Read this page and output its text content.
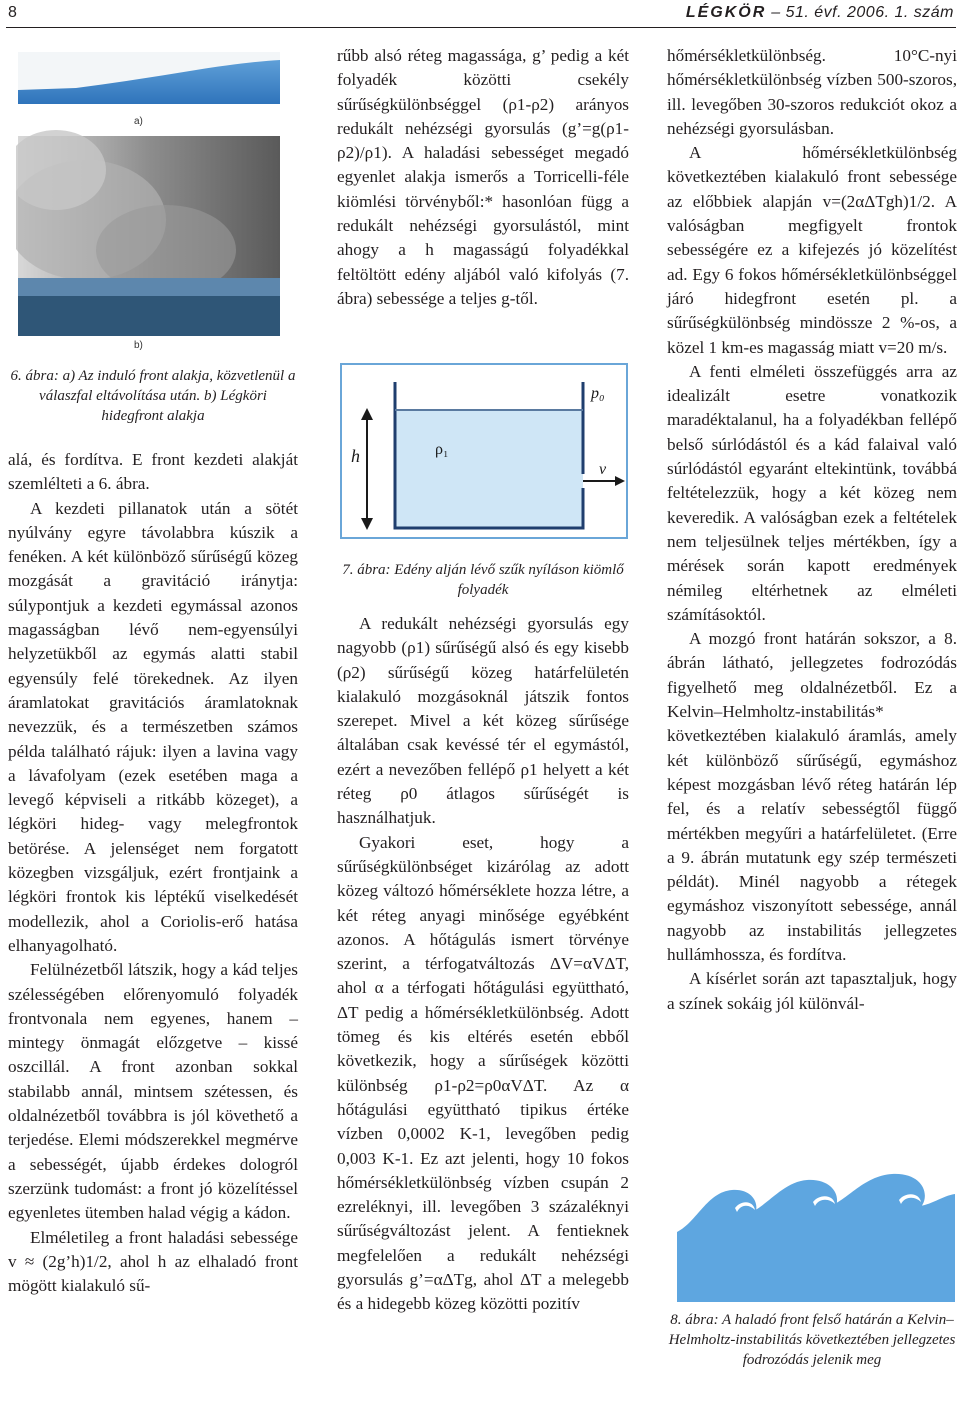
8	LÉGKÖR – 51. évf. 2006. 1. szám
a)
b)
6. ábra: a) Az induló front alakja, közvetlenül a válaszfal eltávolítása után. b) Légköri hidegfront alakja

alá, és fordítva. E front kezdeti alakját szemlélteti a 6. ábra.

A kezdeti pillanatok után a sötét nyúlvány egyre távolabbra kúszik a fenéken. A két különböző sűrűségű közeg mozgását a gravitáció iránytja: súlypontjuk a kezdeti egymással azonos magasságban lévő nem-egyensúlyi helyzetükből az egymás alatti stabil egyensúly felé törekednek. Az ilyen áramlatokat gravitációs áramlatoknak nevezzük, és a természetben számos példa található rájuk: ilyen a lavina vagy a lávafolyam (ezek esetében maga a levegő képviseli a ritkább közeget), a légköri hideg- vagy melegfrontok betörése. A jelenséget nem forgatott közegben vizsgáljuk, ezért frontjaink a légköri frontok kis léptékű viselkedését modellezik, ahol a Coriolis-erő hatása elhanyagolható.

Felülnézetből látszik, hogy a kád teljes szélességében előrenyomuló folyadék frontvonala nem egyenes, hanem – mintegy önmagát előzgetve – kissé oszcillál. A front azonban sokkal stabilabb annál, mintsem szétessen, és oldalnézetből továbbra is jól követhető a terjedése. Elemi módszerekkel megmérve a sebességét, újabb érdekes dologról szerzünk tudomást: a front jó közelítéssel egyenletes ütemben halad végig a kádon.

Elméletileg a front haladási sebessége v ≈ (2g’h)1/2, ahol h az elhaladó front mögött kialakuló sű-

rűbb alsó réteg magassága, g’ pedig a két folyadék közötti csekély sűrűségkülönbséggel (ρ1-ρ2) arányos redukált nehézségi gyorsulás (g’=g(ρ1-ρ2)/ρ1). A haladási sebességet megadó egyenlet alakja ismerős a Torricelli-féle kiömlési törvényből:* hasonlóan függ a redukált nehézségi gyorsulástól, mint ahogy a h magasságú folyadékkal feltöltött edény aljából való kifolyás (7. ábra) sebessége a teljes g-től.

h	ρ₁
p₀
v
7. ábra: Edény alján lévő szűk nyíláson kiömlő folyadék

A redukált nehézségi gyorsulás egy nagyobb (ρ1) sűrűségű alsó és egy kisebb (ρ2) sűrűségű közeg határfelületén kialakuló mozgásoknál játszik fontos szerepet. Mivel a két közeg sűrűsége általában csak kevéssé tér el egymástól, ezért a nevezőben fellépő ρ1 helyett a két réteg ρ0 átlagos sűrűségét is használhatjuk.

Gyakori eset, hogy a sűrűségkülönbséget kizárólag az adott közeg változó hőmérséklete hozza létre, a két réteg anyagi minősége egyébként azonos. A hőtágulás ismert törvénye szerint, a térfogatváltozás ΔV=αVΔT, ahol α a térfogati hőtágulási együttható, ΔT pedig a hőmérsékletkülönbség. Adott tömeg és kis eltérés esetén ebből következik, hogy a sűrűségek közötti különbség ρ1-ρ2=ρ0αVΔT. Az α hőtágulási együttható tipikus értéke vízben 0,0002 K-1, levegőben pedig 0,003 K-1. Ez azt jelenti, hogy 10 fokos hőmérsékletkülönbség vízben csupán 2 ezreléknyi, ill. levegőben 3 százaléknyi sűrűségváltozást jelent. A fentieknek megfelelően a redukált nehézségi gyorsulás g’=αΔTg, ahol ΔT a melegebb és a hidegebb közeg közötti pozitív

hőmérsékletkülönbség. 10°C-nyi hőmérsékletkülönbség vízben 500-szoros, ill. levegőben 30-szoros redukciót okoz a nehézségi gyorsulásban.

A hőmérsékletkülönbség következtében kialakuló front sebessége az előbbiek alapján v=(2αΔTgh)1/2. A valóságban megfigyelt frontok sebességére ez a kifejezés jó közelítést ad. Egy 6 fokos hőmérsékletkülönbséggel járó hidegfront esetén pl. a sűrűségkülönbség mindössze 2 %-os, a közel 1 km-es magasság miatt v=20 m/s.

A fenti elméleti összefüggés arra az idealizált esetre vonatkozik maradéktalanul, ha a folyadékban fellépő belső súrlódástól és a kád falaival való súrlódástól egyaránt eltekintünk, továbbá feltételezzük, hogy a két közeg nem keveredik. A valóságban ezek a feltételek nem teljesülnek teljes mértékben, így a mérések során kapott eredmények némileg eltérhetnek az elméleti számításoktól.

A mozgó front határán sokszor, a 8. ábrán látható, jellegzetes fodrozódás figyelhető meg oldalnézetből. Ez a Kelvin–Helmholtz-instabilitás* következtében kialakuló áramlás, amely két különböző sűrűségű, egymáshoz képest mozgásban lévő réteg határán lép fel, és a relatív sebességtől függő mértékben megyűri a határfelületet. (Erre a 9. ábrán mutatunk egy szép természeti példát). Minél nagyobb a rétegek egymáshoz viszonyított sebessége, annál nagyobb az instabilitás jellegzetes hullámhossza, és fordítva.

A kísérlet során azt tapasztaljuk, hogy a színek sokáig jól különvál-

8. ábra: A haladó front felső határán a Kelvin–Helmholtz-instabilitás következtében jellegzetes fodrozódás jelenik meg
